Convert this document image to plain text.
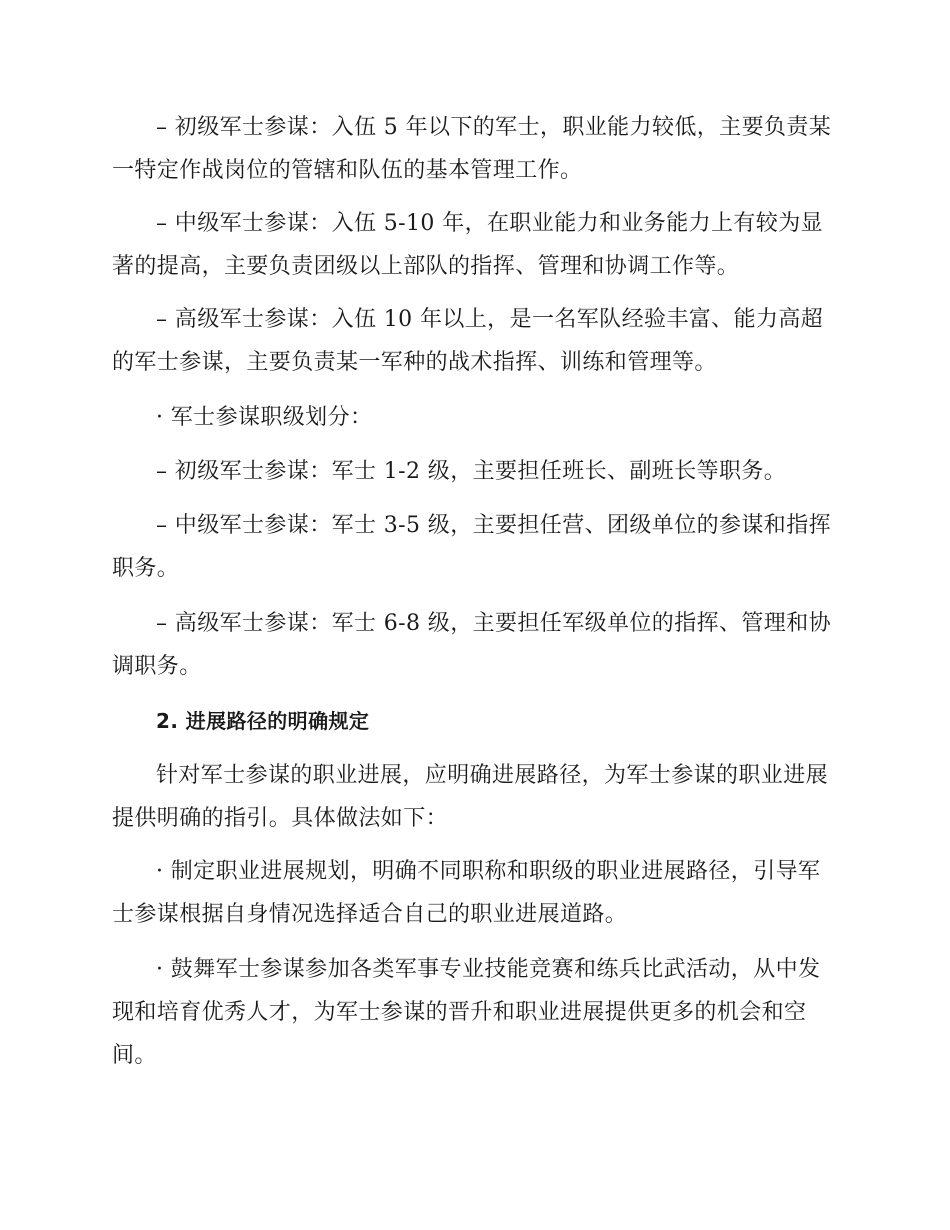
– 初级军士参谋：入伍 5 年以下的军士，职业能力较低，主要负责某一特定作战岗位的管辖和队伍的基本管理工作。

– 中级军士参谋：入伍 5-10 年，在职业能力和业务能力上有较为显著的提高，主要负责团级以上部队的指挥、管理和协调工作等。

– 高级军士参谋：入伍 10 年以上，是一名军队经验丰富、能力高超的军士参谋，主要负责某一军种的战术指挥、训练和管理等。

· 军士参谋职级划分：

– 初级军士参谋：军士 1-2 级，主要担任班长、副班长等职务。

– 中级军士参谋：军士 3-5 级，主要担任营、团级单位的参谋和指挥职务。

– 高级军士参谋：军士 6-8 级，主要担任军级单位的指挥、管理和协调职务。

2. 进展路径的明确规定

针对军士参谋的职业进展，应明确进展路径，为军士参谋的职业进展提供明确的指引。具体做法如下：

· 制定职业进展规划，明确不同职称和职级的职业进展路径，引导军士参谋根据自身情况选择适合自己的职业进展道路。

· 鼓舞军士参谋参加各类军事专业技能竞赛和练兵比武活动，从中发现和培育优秀人才，为军士参谋的晋升和职业进展提供更多的机会和空间。
